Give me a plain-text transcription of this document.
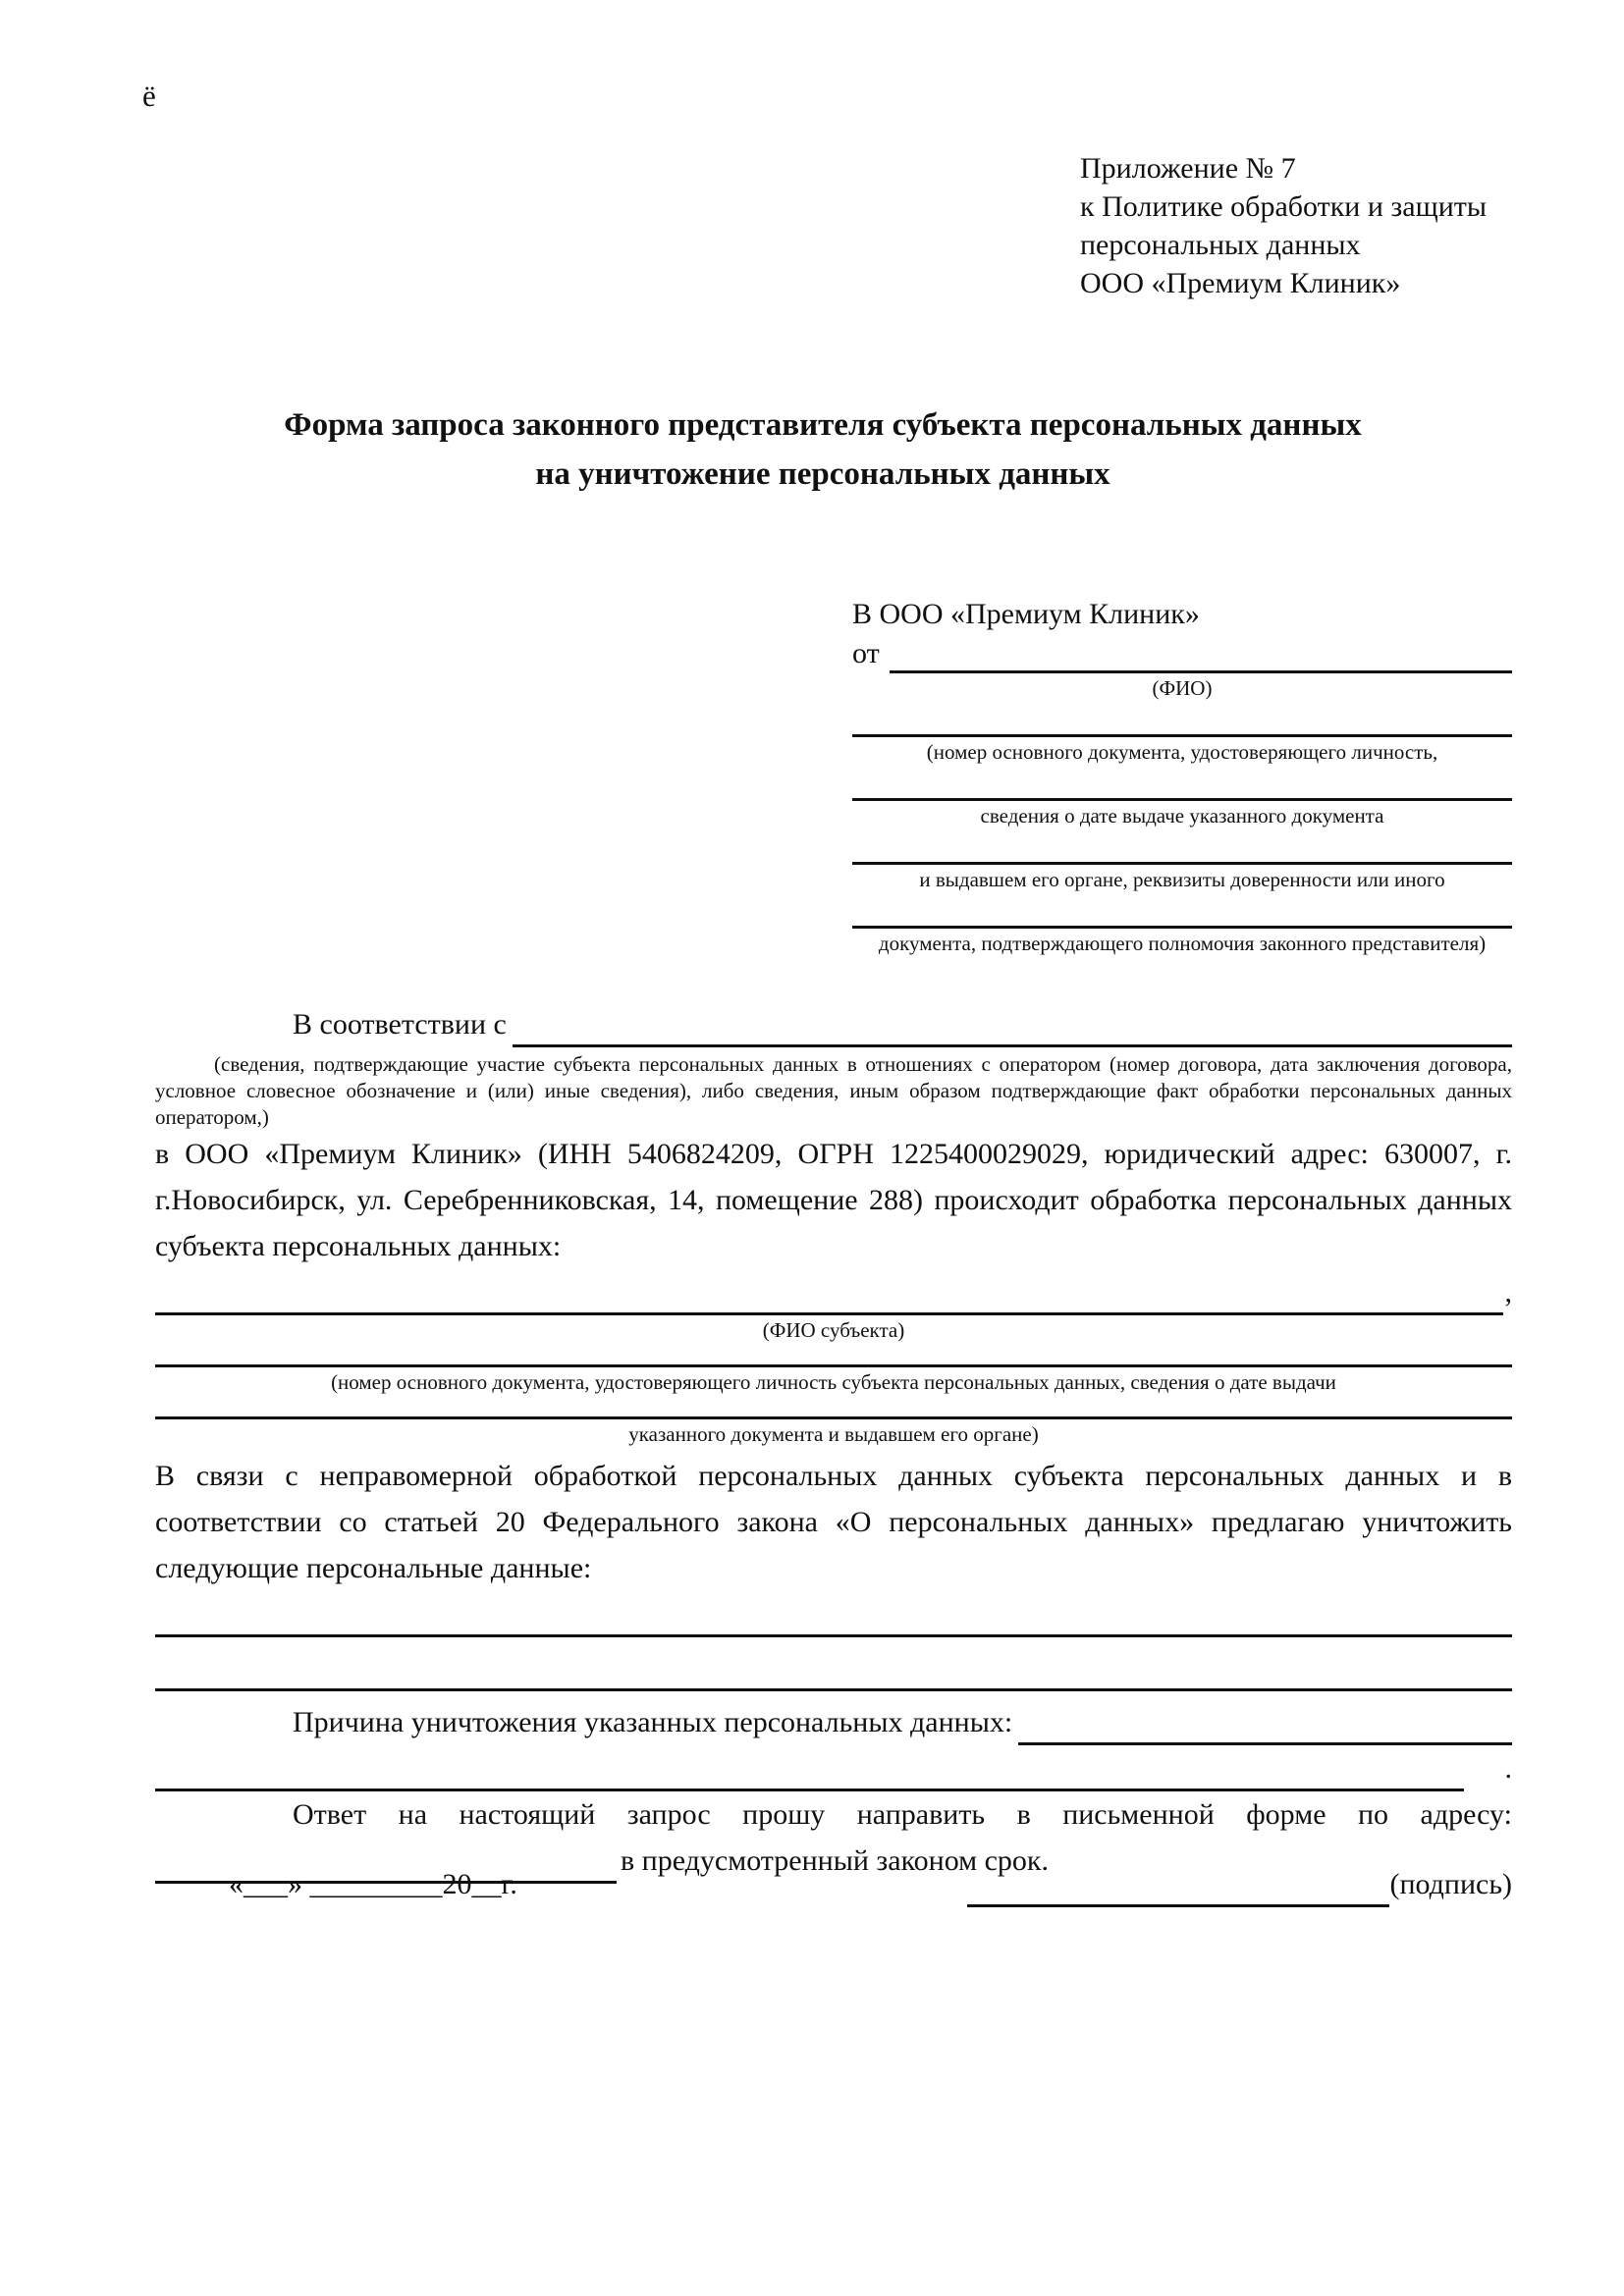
ё
Приложение № 7
к Политике обработки и защиты
персональных данных
ООО «Премиум Клиник»
Форма запроса законного представителя субъекта персональных данных
на уничтожение персональных данных
В ООО «Премиум Клиник»
от
(ФИО)
(номер основного документа, удостоверяющего личность,
сведения о дате выдаче указанного документа
и выдавшем его органе, реквизиты доверенности или иного
документа, подтверждающего полномочия законного представителя)
В соответствии с
(сведения, подтверждающие участие субъекта персональных данных в отношениях с оператором (номер договора, дата заключения договора, условное словесное обозначение и (или) иные сведения), либо сведения, иным образом подтверждающие факт обработки персональных данных оператором,)

в ООО «Премиум Клиник» (ИНН 5406824209, ОГРН 1225400029029, юридический адрес: 630007, г. г.Новосибирск, ул. Серебренниковская, 14, помещение 288) происходит обработка персональных данных субъекта персональных данных:

,
(ФИО субъекта)
(номер основного документа, удостоверяющего личность субъекта персональных данных, сведения о дате выдачи
указанного документа и выдавшем его органе)

В связи с неправомерной обработкой персональных данных субъекта персональных данных и в соответствии со статьей 20 Федерального закона «О персональных данных» предлагаю уничтожить следующие персональные данные:

Причина уничтожения указанных персональных данных:
.
Ответ на настоящий запрос прошу направить в письменной форме по адресу:
в предусмотренный законом срок.
«___» _________20__г.	(подпись)
